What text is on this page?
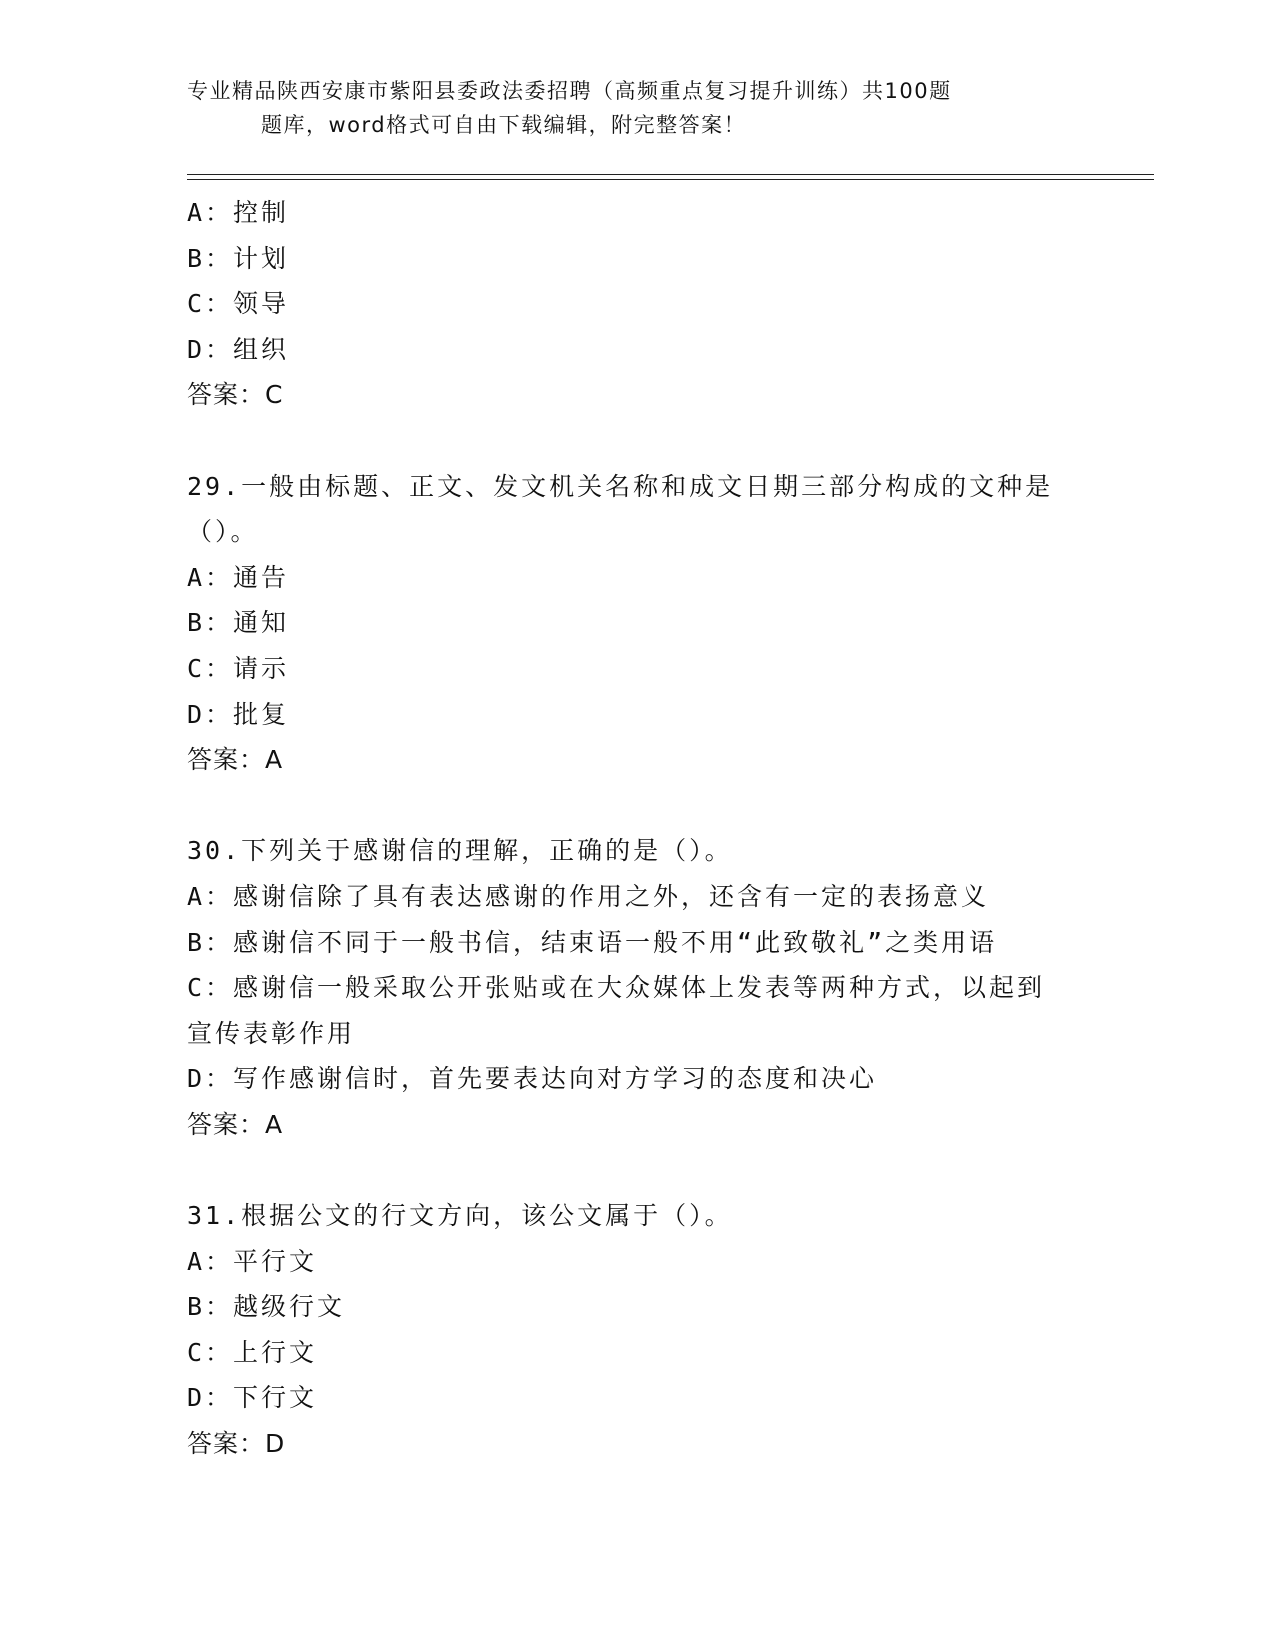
专业精品陕西安康市紫阳县委政法委招聘（高频重点复习提升训练）共100题
题库，word格式可自由下载编辑，附完整答案！
A：控制
B：计划
C：领导
D：组织
答案：C
29.一般由标题、正文、发文机关名称和成文日期三部分构成的文种是
（）。
A：通告
B：通知
C：请示
D：批复
答案：A
30.下列关于感谢信的理解，正确的是（）。
A：感谢信除了具有表达感谢的作用之外，还含有一定的表扬意义
B：感谢信不同于一般书信，结束语一般不用“此致敬礼”之类用语
C：感谢信一般采取公开张贴或在大众媒体上发表等两种方式，以起到
宣传表彰作用
D：写作感谢信时，首先要表达向对方学习的态度和决心
答案：A
31.根据公文的行文方向，该公文属于（）。
A：平行文
B：越级行文
C：上行文
D：下行文
答案：D
